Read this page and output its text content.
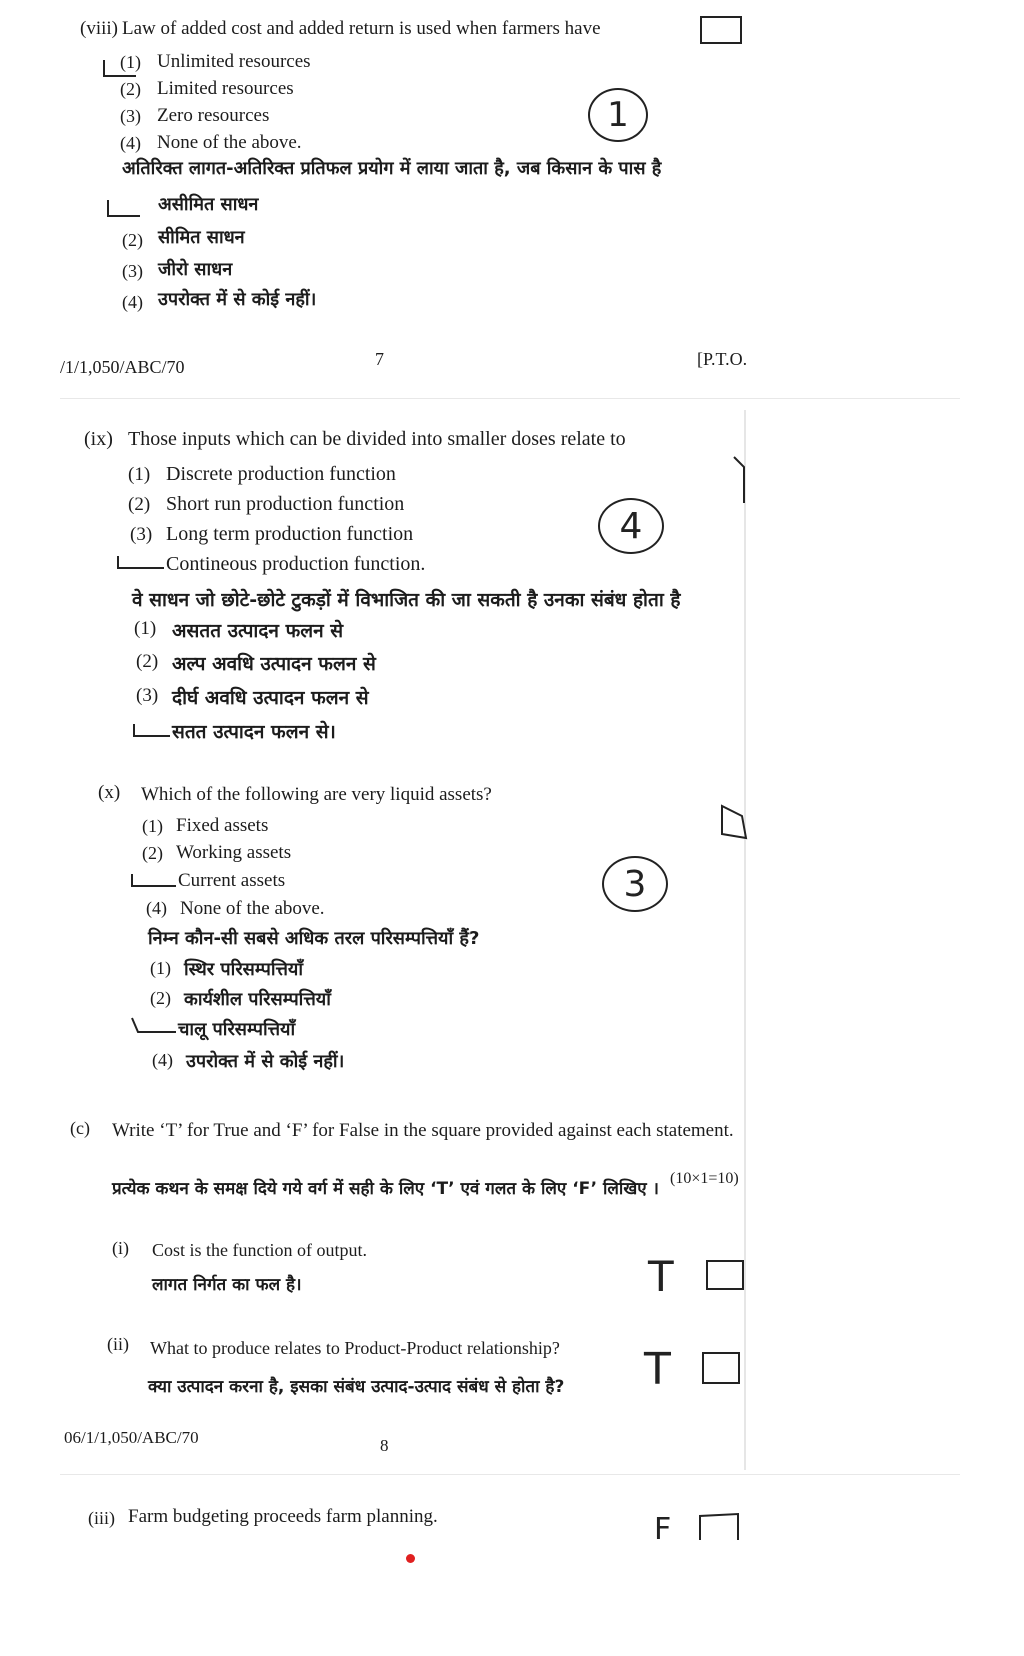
(viii) Law of added cost and added return is used when farmers have
(1) Unlimited resources
(2) Limited resources
(3) Zero resources
(4) None of the above.
1
अतिरिक्त लागत-अतिरिक्त प्रतिफल प्रयोग में लाया जाता है, जब किसान के पास है
(2)
(3)
(4)
असीमित साधन
सीमित साधन
जीरो साधन
उपरोक्त में से कोई नहीं।
/1/1,050/ABC/70	7	[P.T.O.
(ix) Those inputs which can be divided into smaller doses relate to
(1) Discrete production function
(2) Short run production function
(3) Long term production function
Contineous production function.
4
वे साधन जो छोटे-छोटे टुकड़ों में विभाजित की जा सकती है उनका संबंध होता है
(1) असतत उत्पादन फलन से
(2) अल्प अवधि उत्पादन फलन से
(3) दीर्घ अवधि उत्पादन फलन से
सतत उत्पादन फलन से।
(x) Which of the following are very liquid assets?
(1) Fixed assets
(2) Working assets
Current assets
(4) None of the above.
3
निम्न कौन-सी सबसे अधिक तरल परिसम्पत्तियाँ हैं?
(1) स्थिर परिसम्पत्तियाँ
(2) कार्यशील परिसम्पत्तियाँ
चालू परिसम्पत्तियाँ
(4) उपरोक्त में से कोई नहीं।
(c) Write ‘T’ for True and ‘F’ for False in the square provided against each statement.
(10×1=10)
प्रत्येक कथन के समक्ष दिये गये वर्ग में सही के लिए ‘T’ एवं गलत के लिए ‘F’ लिखिए ।
(i) Cost is the function of output.
लागत निर्गत का फल है।	T
(ii) What to produce relates to Product-Product relationship?
क्या उत्पादन करना है, इसका संबंध उत्पाद-उत्पाद संबंध से होता है? T
06/1/1,050/ABC/70	8
(iii) Farm budgeting proceeds farm planning.	F
